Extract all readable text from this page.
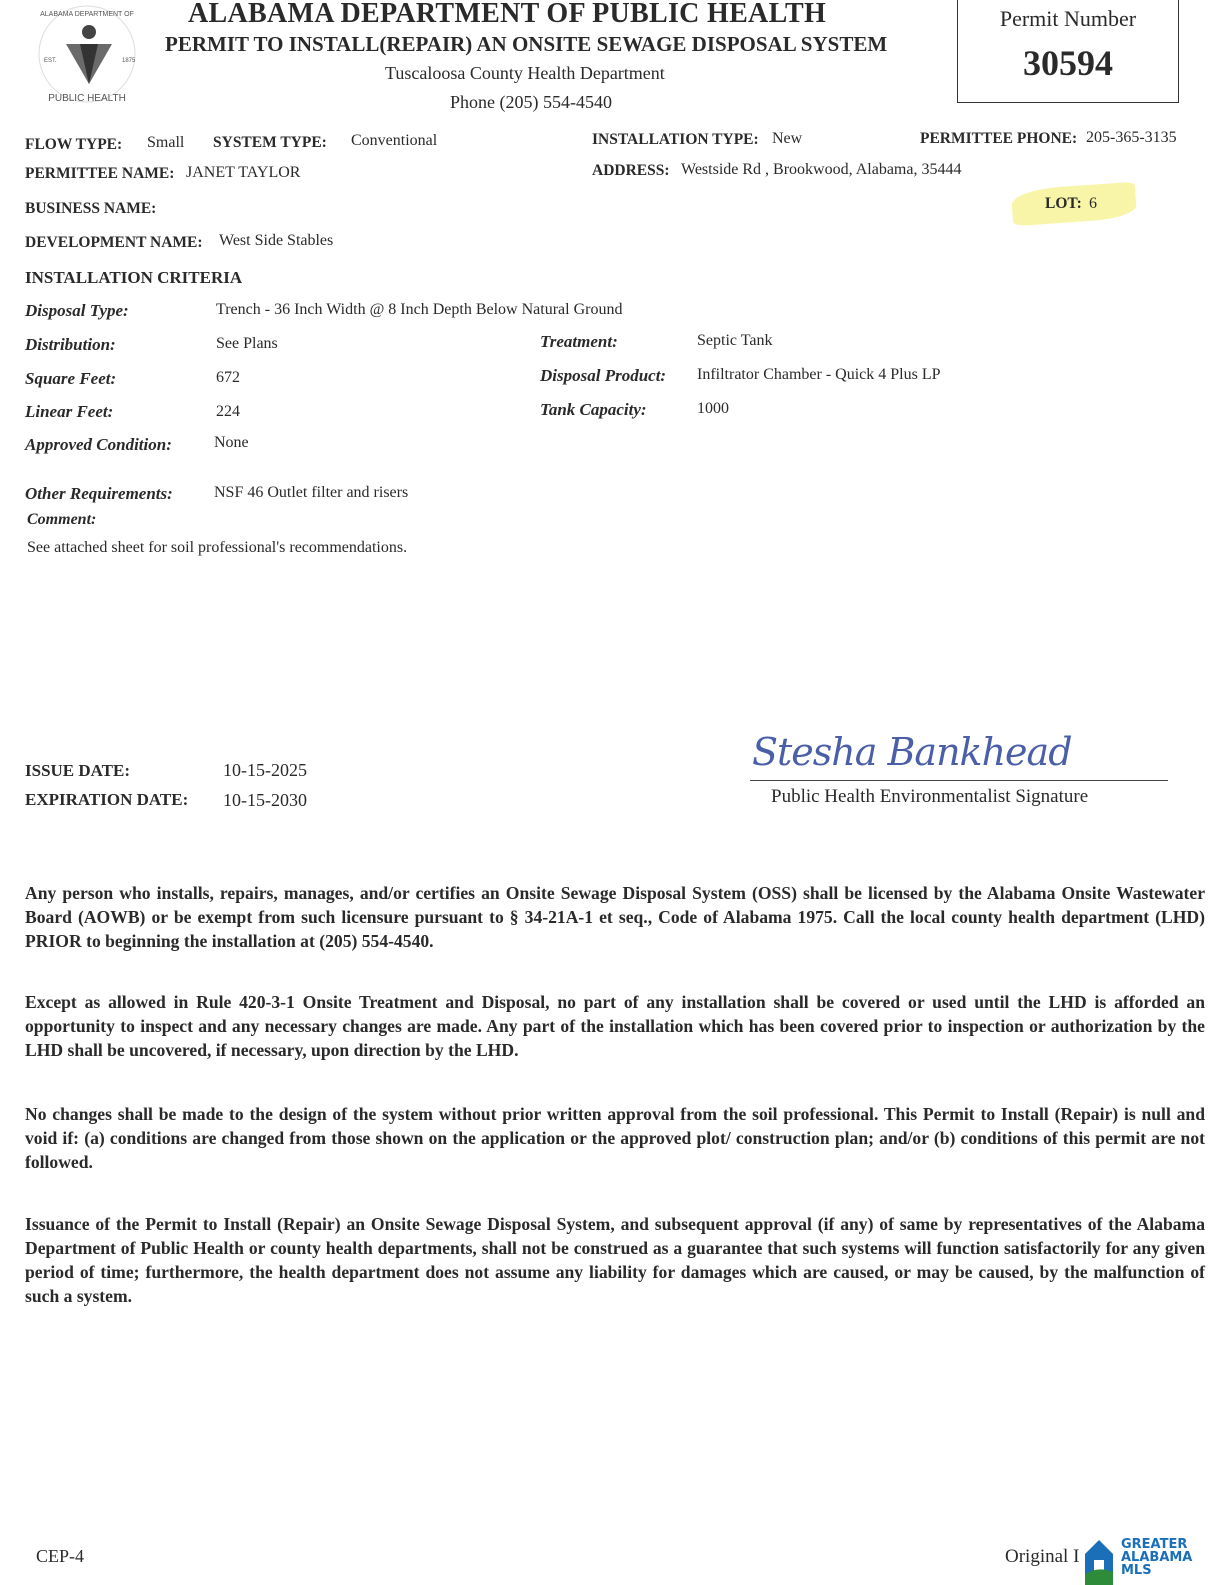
ALABAMA DEPARTMENT OF
PUBLIC HEALTH
EST.	1875
ALABAMA DEPARTMENT OF PUBLIC HEALTH
PERMIT TO INSTALL(REPAIR) AN ONSITE SEWAGE DISPOSAL SYSTEM
Tuscaloosa County Health Department
Phone (205) 554-4540
Permit Number
30594
FLOW TYPE: Small SYSTEM TYPE: Conventional	INSTALLATION TYPE: New	PERMITTEE PHONE: 205-365-3135
PERMITTEE NAME: JANET TAYLOR	ADDRESS: Westside Rd , Brookwood, Alabama, 35444
BUSINESS NAME:	LOT: 6
DEVELOPMENT NAME: West Side Stables
INSTALLATION CRITERIA
Disposal Type:	Trench - 36 Inch Width @ 8 Inch Depth Below Natural Ground
Distribution:	See Plans	Treatment:	Septic Tank
Square Feet:	672	Disposal Product: Infiltrator Chamber - Quick 4 Plus LP
Linear Feet:	224	Tank Capacity:	1000
Approved Condition:	None
Other Requirements:	NSF 46 Outlet filter and risers
Comment:
See attached sheet for soil professional's recommendations.
ISSUE DATE:	10-15-2025
EXPIRATION DATE: 10-15-2030
Stesha Bankhead
Public Health Environmentalist Signature
Any person who installs, repairs, manages, and/or certifies an Onsite Sewage Disposal System (OSS) shall be licensed by the Alabama Onsite Wastewater Board (AOWB) or be exempt from such licensure pursuant to § 34-21A-1 et seq., Code of Alabama 1975. Call the local county health department (LHD) PRIOR to beginning the installation at (205) 554-4540.
Except as allowed in Rule 420-3-1 Onsite Treatment and Disposal, no part of any installation shall be covered or used until the LHD is afforded an opportunity to inspect and any necessary changes are made. Any part of the installation which has been covered prior to inspection or authorization by the LHD shall be uncovered, if necessary, upon direction by the LHD.
No changes shall be made to the design of the system without prior written approval from the soil professional. This Permit to Install (Repair) is null and void if: (a) conditions are changed from those shown on the application or the approved plot/ construction plan; and/or (b) conditions of this permit are not followed.
Issuance of the Permit to Install (Repair) an Onsite Sewage Disposal System, and subsequent approval (if any) of same by representatives of the Alabama Department of Public Health or county health departments, shall not be construed as a guarantee that such systems will function satisfactorily for any given period of time; furthermore, the health department does not assume any liability for damages which are caused, or may be caused, by the malfunction of such a system.
CEP-4	Original I
GREATER
ALABAMA
MLS
